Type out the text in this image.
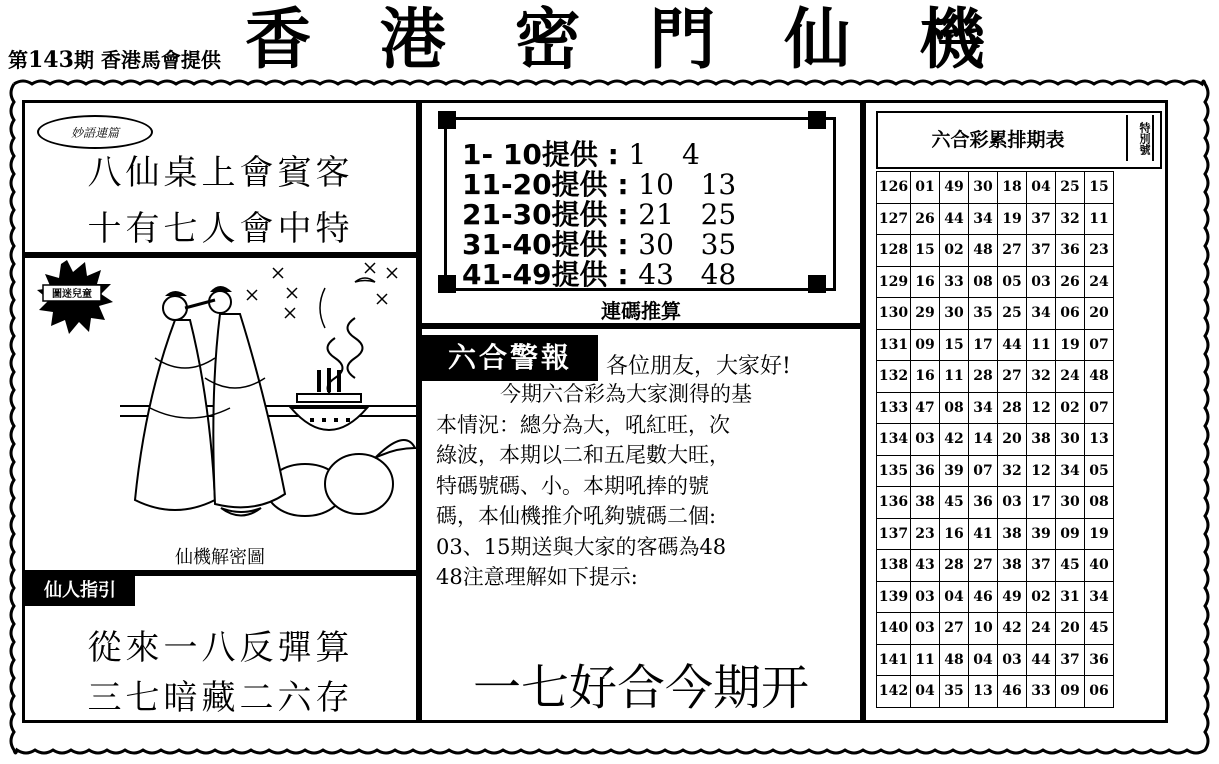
第143期 香港馬會提供 香 港 密 門 仙 機
妙語連篇
八仙桌上會賓客
十有七人會中特
圖迷兒童
仙機解密圖
仙人指引
從來一八反彈算
三七暗藏二六存
1- 10提供 : 1    4
11-20提供 : 10   13
21-30提供 : 21   25
31-40提供 : 30   35
41-49提供 : 43   48
連碼推算
六合警報	各位朋友，大家好!
今期六合彩為大家測得的基
本情況：總分為大，吼紅旺，次
綠波，本期以二和五尾數大旺，
特碼號碼、小。本期吼捧的號
碼，本仙機推介吼夠號碼二個:
03、15期送與大家的客碼為48
48注意理解如下提示:
一七好合今期开
六合彩累排期表	特別號
126	01	49	30	18	04	25	15
127	26	44	34	19	37	32	11
128	15	02	48	27	37	36	23
129	16	33	08	05	03	26	24
130	29	30	35	25	34	06	20
131	09	15	17	44	11	19	07
132	16	11	28	27	32	24	48
133	47	08	34	28	12	02	07
134	03	42	14	20	38	30	13
135	36	39	07	32	12	34	05
136	38	45	36	03	17	30	08
137	23	16	41	38	39	09	19
138	43	28	27	38	37	45	40
139	03	04	46	49	02	31	34
140	03	27	10	42	24	20	45
141	11	48	04	03	44	37	36
142	04	35	13	46	33	09	06
